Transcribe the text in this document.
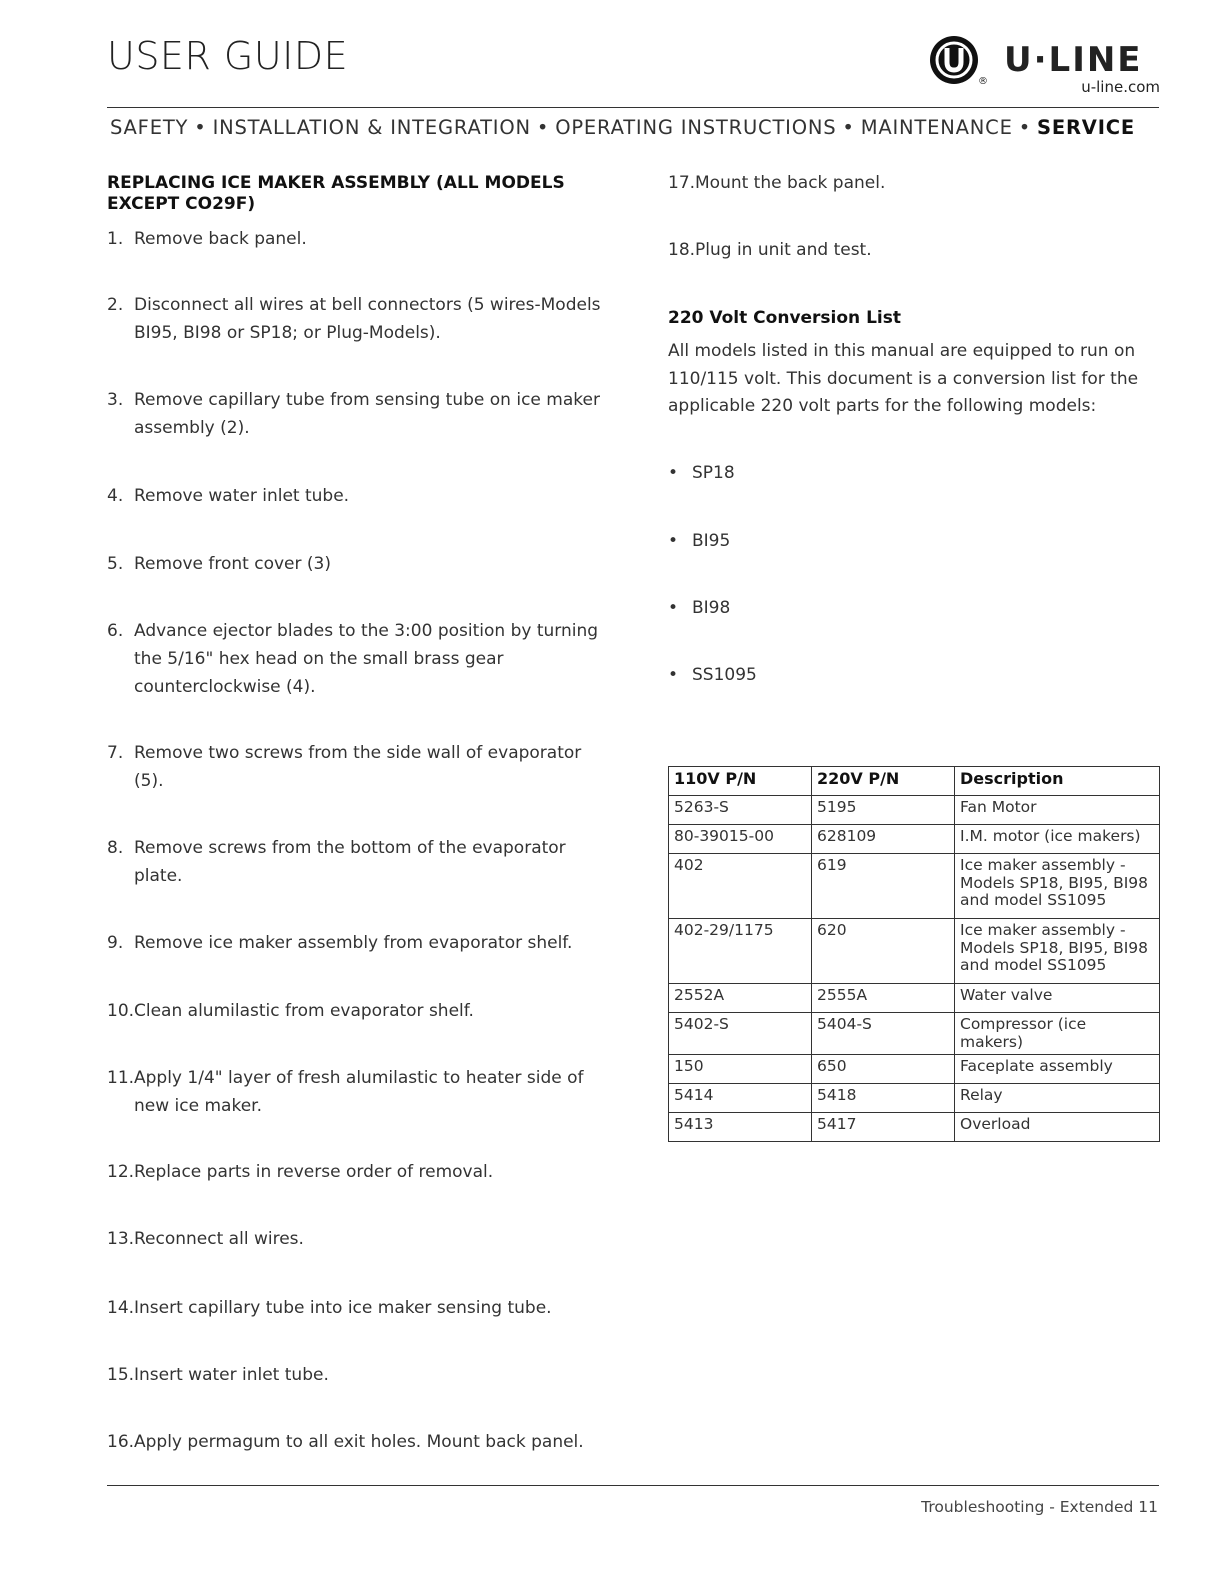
USER GUIDE
®
U·LINE
u-line.com
SAFETY • INSTALLATION & INTEGRATION • OPERATING INSTRUCTIONS • MAINTENANCE • SERVICE
REPLACING ICE MAKER ASSEMBLY (ALL MODELS
EXCEPT CO29F)
1. Remove back panel.
2. Disconnect all wires at bell connectors (5 wires-Models BI95, BI98 or SP18; or Plug-Models).
3. Remove capillary tube from sensing tube on ice maker assembly (2).
4. Remove water inlet tube.
5. Remove front cover (3)
6. Advance ejector blades to the 3:00 position by turning the 5/16" hex head on the small brass gear counterclockwise (4).
7. Remove two screws from the side wall of evaporator (5).
8. Remove screws from the bottom of the evaporator plate.
9. Remove ice maker assembly from evaporator shelf.
10. Clean alumilastic from evaporator shelf.
11. Apply 1/4" layer of fresh alumilastic to heater side of new ice maker.
12. Replace parts in reverse order of removal.
13. Reconnect all wires.
14. Insert capillary tube into ice maker sensing tube.
15. Insert water inlet tube.
16. Apply permagum to all exit holes. Mount back panel.
17. Mount the back panel.
18. Plug in unit and test.
220 Volt Conversion List
All models listed in this manual are equipped to run on 110/115 volt. This document is a conversion list for the applicable 220 volt parts for the following models:
• SP18
• BI95
• BI98
• SS1095
110V P/N	220V P/N	Description
5263-S	5195	Fan Motor
80-39015-00	628109	I.M. motor (ice makers)
402	619	Ice maker assembly - Models SP18, BI95, BI98 and model SS1095
402-29/1175	620	Ice maker assembly - Models SP18, BI95, BI98 and model SS1095
2552A	2555A	Water valve
5402-S	5404-S	Compressor (ice makers)
150	650	Faceplate assembly
5414	5418	Relay
5413	5417	Overload
Troubleshooting - Extended 11
